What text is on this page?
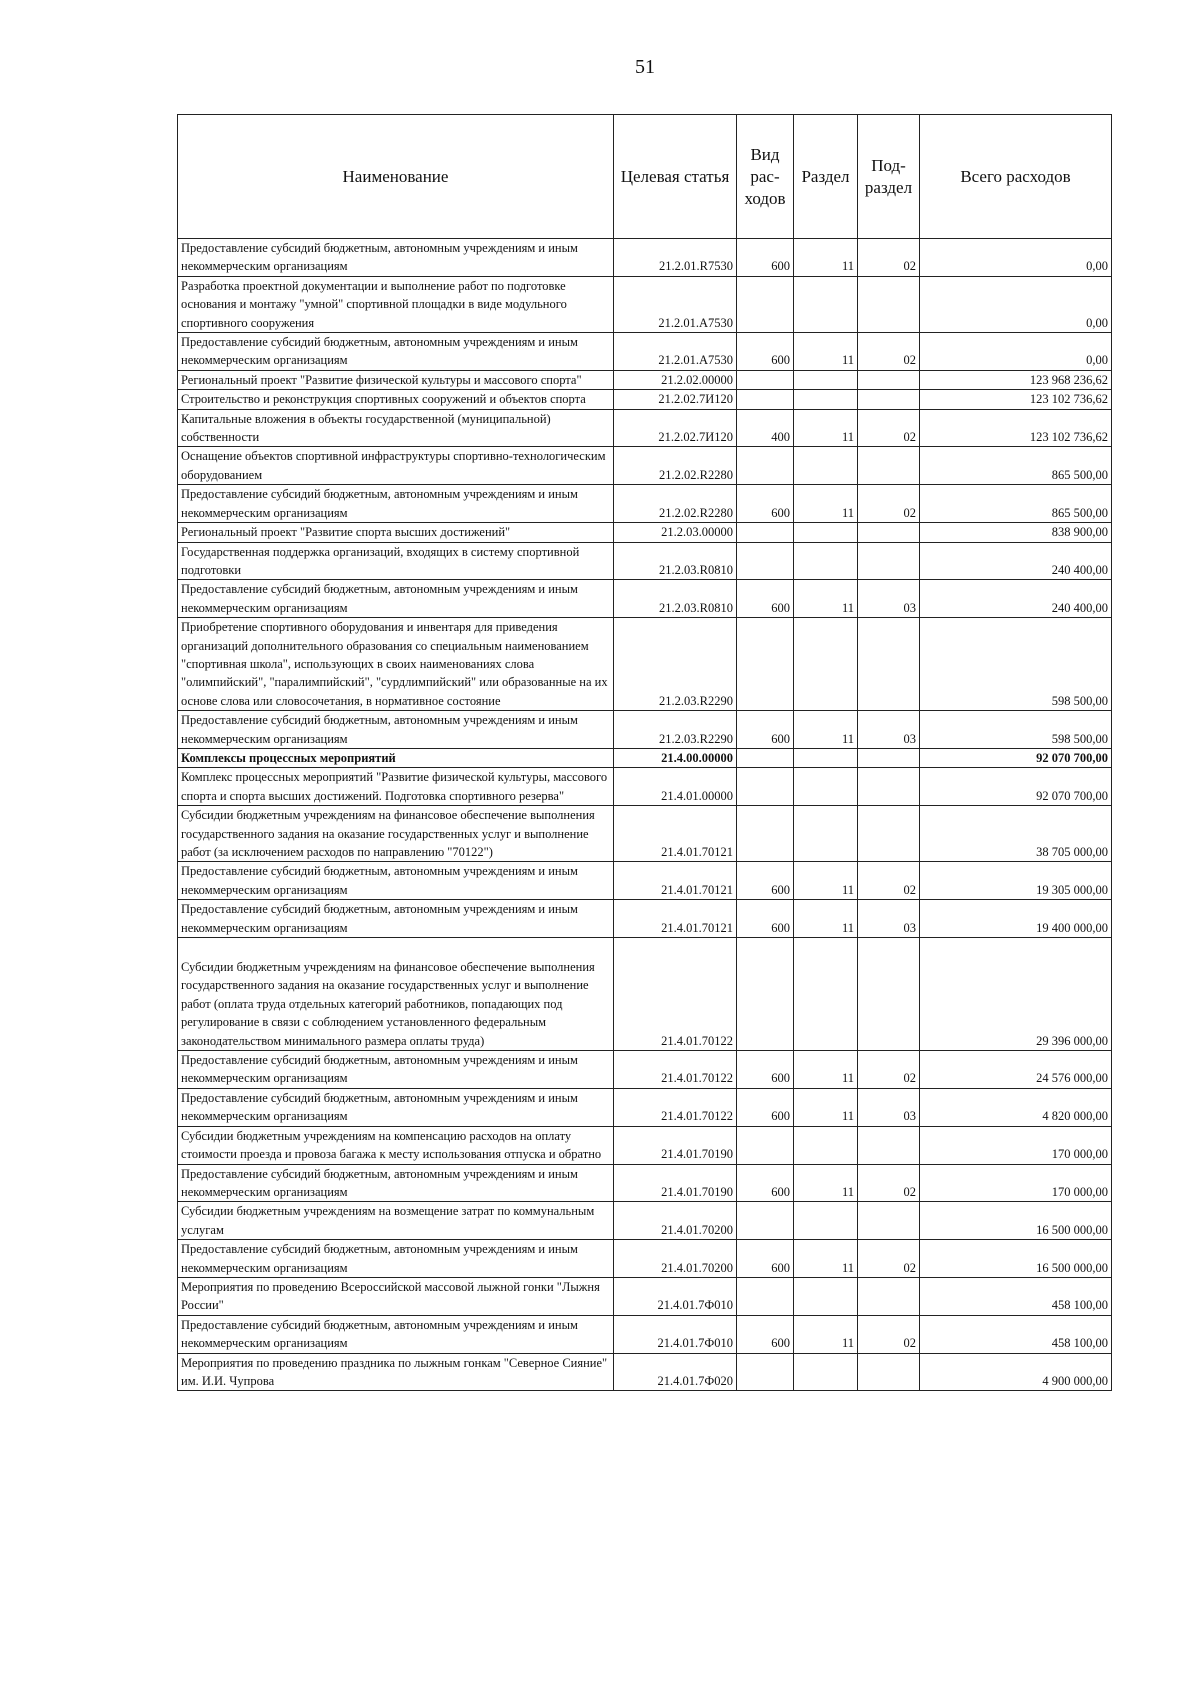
51
Наименование	Целевая статья	Вид рас-ходов	Раздел	Под-раздел	Всего расходов
Предоставление субсидий бюджетным, автономным учреждениям и иным некоммерческим организациям	21.2.01.R7530	600	11	02	0,00
Разработка проектной документации и выполнение работ по подготовке основания и монтажу "умной" спортивной площадки в виде модульного спортивного сооружения	21.2.01.A7530				0,00
Предоставление субсидий бюджетным, автономным учреждениям и иным некоммерческим организациям	21.2.01.A7530	600	11	02	0,00
Региональный проект "Развитие физической культуры и массового спорта"	21.2.02.00000				123 968 236,62
Строительство и реконструкция спортивных сооружений и объектов спорта	21.2.02.7И120				123 102 736,62
Капитальные вложения в объекты государственной (муниципальной) собственности	21.2.02.7И120	400	11	02	123 102 736,62
Оснащение объектов спортивной инфраструктуры спортивно-технологическим оборудованием	21.2.02.R2280				865 500,00
Предоставление субсидий бюджетным, автономным учреждениям и иным некоммерческим организациям	21.2.02.R2280	600	11	02	865 500,00
Региональный проект "Развитие спорта высших достижений"	21.2.03.00000				838 900,00
Государственная поддержка организаций, входящих в систему спортивной подготовки	21.2.03.R0810				240 400,00
Предоставление субсидий бюджетным, автономным учреждениям и иным некоммерческим организациям	21.2.03.R0810	600	11	03	240 400,00
Приобретение спортивного оборудования и инвентаря для приведения организаций дополнительного образования со специальным наименованием "спортивная школа", использующих в своих наименованиях слова "олимпийский", "паралимпийский", "сурдлимпийский" или образованные на их основе слова или словосочетания, в нормативное состояние	21.2.03.R2290				598 500,00
Предоставление субсидий бюджетным, автономным учреждениям и иным некоммерческим организациям	21.2.03.R2290	600	11	03	598 500,00
Комплексы процессных мероприятий	21.4.00.00000				92 070 700,00
Комплекс процессных мероприятий "Развитие физической культуры, массового спорта и спорта высших достижений. Подготовка спортивного резерва"	21.4.01.00000				92 070 700,00
Субсидии бюджетным учреждениям на финансовое обеспечение выполнения государственного задания на оказание государственных услуг и выполнение работ (за исключением расходов по направлению "70122")	21.4.01.70121				38 705 000,00
Предоставление субсидий бюджетным, автономным учреждениям и иным некоммерческим организациям	21.4.01.70121	600	11	02	19 305 000,00
Предоставление субсидий бюджетным, автономным учреждениям и иным некоммерческим организациям	21.4.01.70121	600	11	03	19 400 000,00
Субсидии бюджетным учреждениям на финансовое обеспечение выполнения государственного задания на оказание государственных услуг и выполнение работ (оплата труда отдельных категорий работников, попадающих под регулирование в связи с соблюдением установленного федеральным законодательством минимального размера оплаты труда)	21.4.01.70122				29 396 000,00
Предоставление субсидий бюджетным, автономным учреждениям и иным некоммерческим организациям	21.4.01.70122	600	11	02	24 576 000,00
Предоставление субсидий бюджетным, автономным учреждениям и иным некоммерческим организациям	21.4.01.70122	600	11	03	4 820 000,00
Субсидии бюджетным учреждениям на компенсацию расходов на оплату стоимости проезда и провоза багажа к месту использования отпуска и обратно	21.4.01.70190				170 000,00
Предоставление субсидий бюджетным, автономным учреждениям и иным некоммерческим организациям	21.4.01.70190	600	11	02	170 000,00
Субсидии бюджетным учреждениям на возмещение затрат по коммунальным услугам	21.4.01.70200				16 500 000,00
Предоставление субсидий бюджетным, автономным учреждениям и иным некоммерческим организациям	21.4.01.70200	600	11	02	16 500 000,00
Мероприятия по проведению Всероссийской массовой лыжной гонки "Лыжня России"	21.4.01.7Ф010				458 100,00
Предоставление субсидий бюджетным, автономным учреждениям и иным некоммерческим организациям	21.4.01.7Ф010	600	11	02	458 100,00
Мероприятия по проведению праздника по лыжным гонкам "Северное Сияние" им. И.И. Чупрова	21.4.01.7Ф020				4 900 000,00
